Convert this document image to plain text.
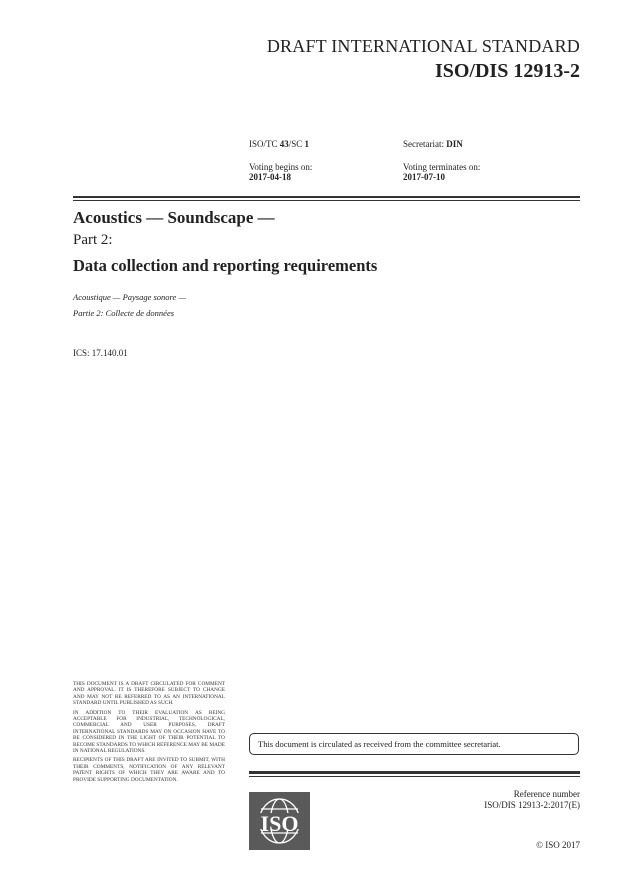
DRAFT INTERNATIONAL STANDARD
ISO/DIS 12913-2
ISO/TC 43/SC 1	Secretariat: DIN
Voting begins on:
2017-04-18
Voting terminates on:
2017-07-10
Acoustics — Soundscape —
Part 2:
Data collection and reporting requirements
Acoustique — Paysage sonore —
Partie 2: Collecte de données
ICS: 17.140.01

THIS DOCUMENT IS A DRAFT CIRCULATED FOR COMMENT AND APPROVAL. IT IS THEREFORE SUBJECT TO CHANGE AND MAY NOT BE REFERRED TO AS AN INTERNATIONAL STANDARD UNTIL PUBLISHED AS SUCH.

IN ADDITION TO THEIR EVALUATION AS BEING ACCEPTABLE FOR INDUSTRIAL, TECHNOLOGICAL, COMMERCIAL AND USER PURPOSES, DRAFT INTERNATIONAL STANDARDS MAY ON OCCASION HAVE TO BE CONSIDERED IN THE LIGHT OF THEIR POTENTIAL TO BECOME STANDARDS TO WHICH REFERENCE MAY BE MADE IN NATIONAL REGULATIONS.

RECIPIENTS OF THIS DRAFT ARE INVITED TO SUBMIT, WITH THEIR COMMENTS, NOTIFICATION OF ANY RELEVANT PATENT RIGHTS OF WHICH THEY ARE AWARE AND TO PROVIDE SUPPORTING DOCUMENTATION.

This document is circulated as received from the committee secretariat.
ISO
Reference number
ISO/DIS 12913-2:2017(E)
© ISO 2017
